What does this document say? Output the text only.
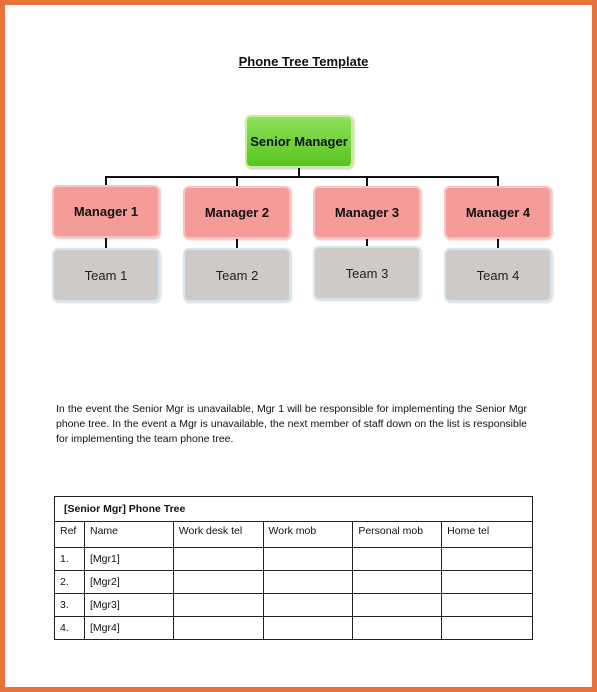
Phone Tree Template
Senior Manager
Manager 1	Manager 2	Manager 3	Manager 4
Team 1	Team 2	Team 3	Team 4

In the event the Senior Mgr is unavailable, Mgr 1 will be responsible for implementing the Senior Mgr phone tree. In the event a Mgr is unavailable, the next member of staff down on the list is responsible for implementing the team phone tree.

[Senior Mgr] Phone Tree					
Ref	Name	Work desk tel	Work mob	Personal mob	Home tel
1.	[Mgr1]				
2.	[Mgr2]				
3.	[Mgr3]				
4.	[Mgr4]				
